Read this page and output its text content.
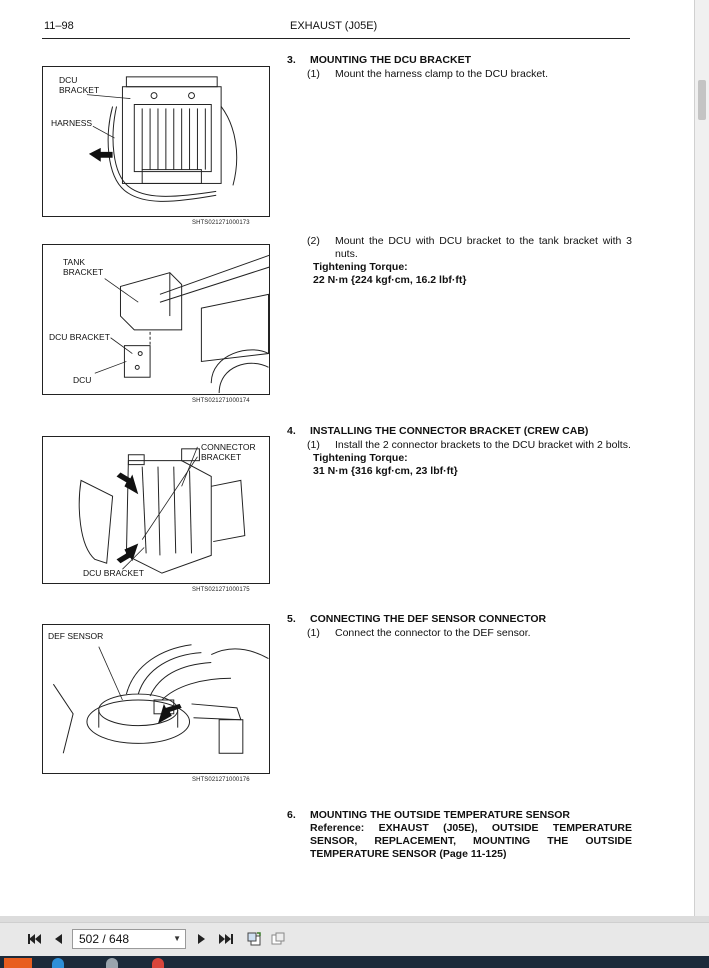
11–98	EXHAUST (J05E)
DCU
BRACKET
HARNESS
SHTS021271000173
TANK
BRACKET
DCU BRACKET
DCU
SHTS021271000174
CONNECTOR
BRACKET
DCU BRACKET
SHTS021271000175
DEF SENSOR
SHTS021271000176
3. MOUNTING THE DCU BRACKET
(1) Mount the harness clamp to the DCU bracket.
(2) Mount the DCU with DCU bracket to the tank bracket with 3 nuts.
Tightening Torque:
22 N·m {224 kgf·cm, 16.2 lbf·ft}
4. INSTALLING THE CONNECTOR BRACKET (CREW CAB)
(1) Install the 2 connector brackets to the DCU bracket with 2 bolts.
Tightening Torque:
31 N·m {316 kgf·cm, 23 lbf·ft}
5. CONNECTING THE DEF SENSOR CONNECTOR
(1) Connect the connector to the DEF sensor.
6. MOUNTING THE OUTSIDE TEMPERATURE SENSOR
Reference: EXHAUST (J05E), OUTSIDE TEMPERATURE SENSOR, REPLACEMENT, MOUNTING THE OUTSIDE TEMPERATURE SENSOR (Page 11-125)
502 / 648	▼
